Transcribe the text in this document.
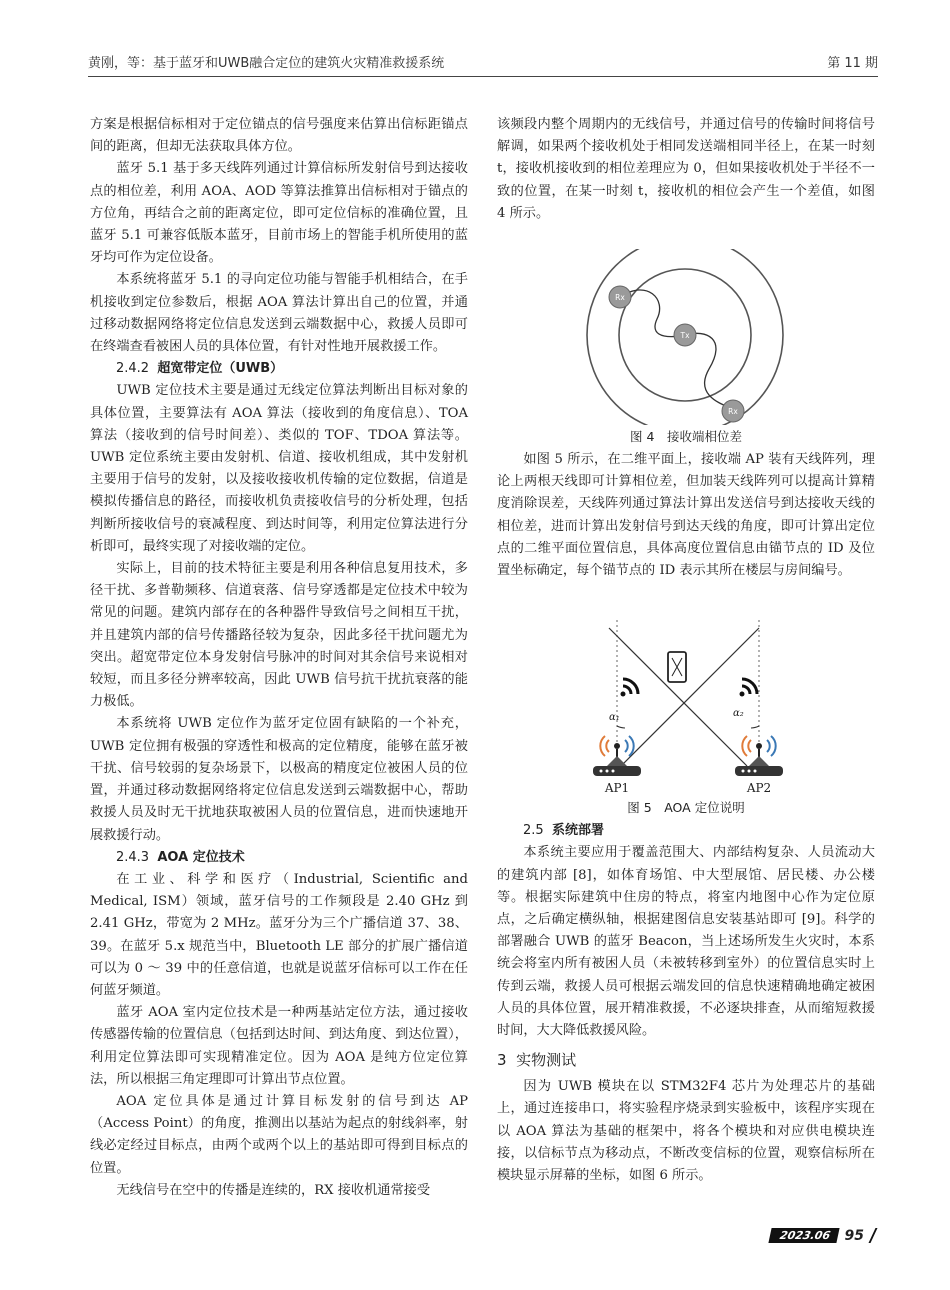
黄刚，等：基于蓝牙和UWB融合定位的建筑火灾精准救援系统	第 11 期

方案是根据信标相对于定位锚点的信号强度来估算出信标距锚点间的距离，但却无法获取具体方位。

蓝牙 5.1 基于多天线阵列通过计算信标所发射信号到达接收点的相位差，利用 AOA、AOD 等算法推算出信标相对于锚点的方位角，再结合之前的距离定位，即可定位信标的准确位置，且蓝牙 5.1 可兼容低版本蓝牙，目前市场上的智能手机所使用的蓝牙均可作为定位设备。

本系统将蓝牙 5.1 的寻向定位功能与智能手机相结合，在手机接收到定位参数后，根据 AOA 算法计算出自己的位置，并通过移动数据网络将定位信息发送到云端数据中心，救援人员即可在终端查看被困人员的具体位置，有针对性地开展救援工作。

2.4.2 超宽带定位（UWB）

UWB 定位技术主要是通过无线定位算法判断出目标对象的具体位置，主要算法有 AOA 算法（接收到的角度信息）、TOA 算法（接收到的信号时间差）、类似的 TOF、TDOA 算法等。UWB 定位系统主要由发射机、信道、接收机组成，其中发射机主要用于信号的发射，以及接收接收机传输的定位数据，信道是模拟传播信息的路径，而接收机负责接收信号的分析处理，包括判断所接收信号的衰减程度、到达时间等，利用定位算法进行分析即可，最终实现了对接收端的定位。

实际上，目前的技术特征主要是利用各种信息复用技术，多径干扰、多普勒频移、信道衰落、信号穿透都是定位技术中较为常见的问题。建筑内部存在的各种器件导致信号之间相互干扰，并且建筑内部的信号传播路径较为复杂，因此多径干扰问题尤为突出。超宽带定位本身发射信号脉冲的时间对其余信号来说相对较短，而且多径分辨率较高，因此 UWB 信号抗干扰抗衰落的能力极低。

本系统将 UWB 定位作为蓝牙定位固有缺陷的一个补充，UWB 定位拥有极强的穿透性和极高的定位精度，能够在蓝牙被干扰、信号较弱的复杂场景下，以极高的精度定位被困人员的位置，并通过移动数据网络将定位信息发送到云端数据中心，帮助救援人员及时无干扰地获取被困人员的位置信息，进而快速地开展救援行动。

2.4.3 AOA 定位技术

在工业、科学和医疗（Industrial, Scientific and Medical, ISM）领域，蓝牙信号的工作频段是 2.40 GHz 到 2.41 GHz，带宽为 2 MHz。蓝牙分为三个广播信道 37、38、39。在蓝牙 5.x 规范当中，Bluetooth LE 部分的扩展广播信道可以为 0 ～ 39 中的任意信道，也就是说蓝牙信标可以工作在任何蓝牙频道。

蓝牙 AOA 室内定位技术是一种两基站定位方法，通过接收传感器传输的位置信息（包括到达时间、到达角度、到达位置），利用定位算法即可实现精准定位。因为 AOA 是纯方位定位算法，所以根据三角定理即可计算出节点位置。

AOA 定位具体是通过计算目标发射的信号到达 AP（Access Point）的角度，推测出以基站为起点的射线斜率，射线必定经过目标点，由两个或两个以上的基站即可得到目标点的位置。

无线信号在空中的传播是连续的，RX 接收机通常接受

该频段内整个周期内的无线信号，并通过信号的传输时间将信号解调，如果两个接收机处于相同发送端相同半径上，在某一时刻 t，接收机接收到的相位差理应为 0，但如果接收机处于半径不一致的位置，在某一时刻 t，接收机的相位会产生一个差值，如图 4 所示。

Rx
Tx
Rx
图 4　接收端相位差

如图 5 所示，在二维平面上，接收端 AP 装有天线阵列，理论上两根天线即可计算相位差，但加装天线阵列可以提高计算精度消除误差，天线阵列通过算法计算出发送信号到达接收天线的相位差，进而计算出发射信号到达天线的角度，即可计算出定位点的二维平面位置信息，具体高度位置信息由锚节点的 ID 及位置坐标确定，每个锚节点的 ID 表示其所在楼层与房间编号。

α₁	α₂
AP1	AP2
图 5　AOA 定位说明
2.5 系统部署

本系统主要应用于覆盖范围大、内部结构复杂、人员流动大的建筑内部 [8]，如体育场馆、中大型展馆、居民楼、办公楼等。根据实际建筑中住房的特点，将室内地图中心作为定位原点，之后确定横纵轴，根据建图信息安装基站即可 [9]。科学的部署融合 UWB 的蓝牙 Beacon，当上述场所发生火灾时，本系统会将室内所有被困人员（未被转移到室外）的位置信息实时上传到云端，救援人员可根据云端发回的信息快速精确地确定被困人员的具体位置，展开精准救援，不必逐块排查，从而缩短救援时间，大大降低救援风险。

3 实物测试

因为 UWB 模块在以 STM32F4 芯片为处理芯片的基础上，通过连接串口，将实验程序烧录到实验板中，该程序实现在以 AOA 算法为基础的框架中，将各个模块和对应供电模块连接，以信标节点为移动点，不断改变信标的位置，观察信标所在模块显示屏幕的坐标，如图 6 所示。

2023.06 95
